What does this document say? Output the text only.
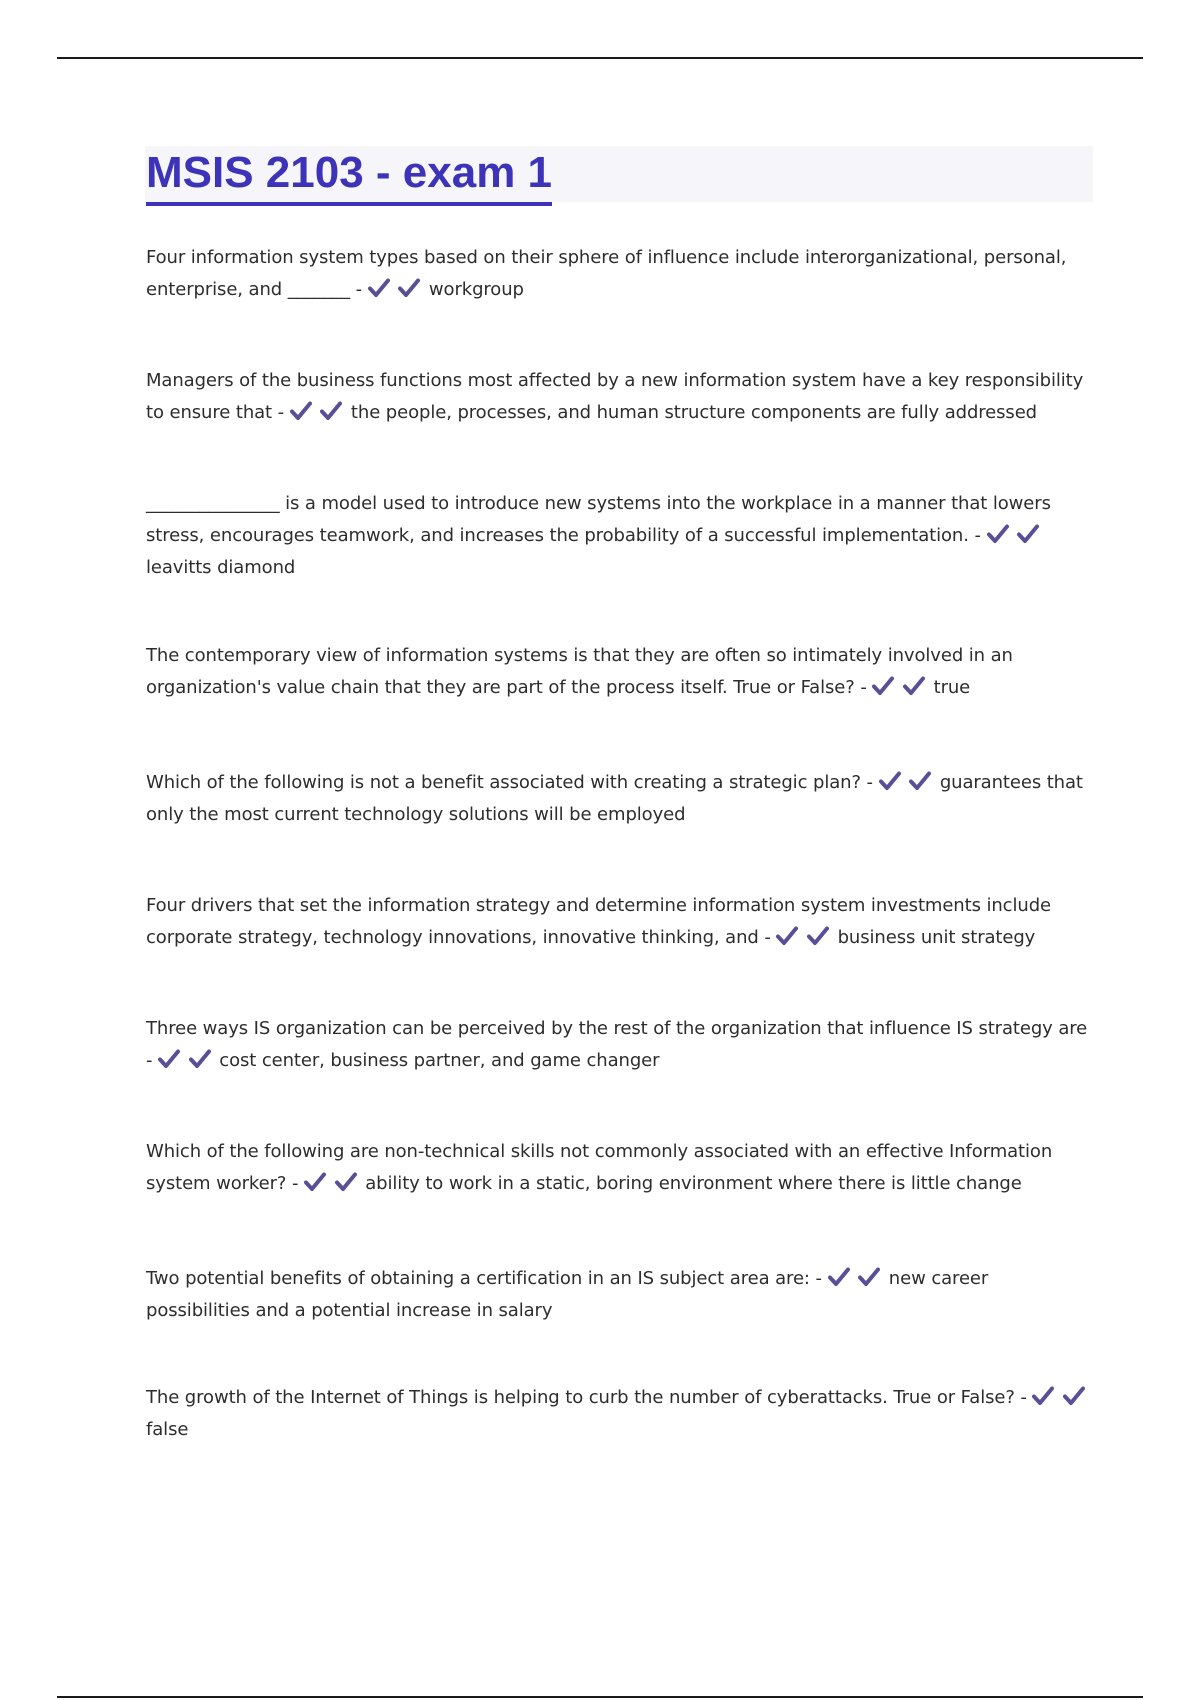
MSIS 2103 - exam 1

Four information system types based on their sphere of influence include interorganizational, personal, enterprise, and _______ -
	workgroup

Managers of the business functions most affected by a new information system have a key responsibility to ensure that -
	the people, processes, and human structure components are fully addressed

_______________ is a model used to introduce new systems into the workplace in a manner that lowers stress, encourages teamwork, and increases the probability of a successful implementation. -

leavitts diamond

The contemporary view of information systems is that they are often so intimately involved in an organization's value chain that they are part of the process itself. True or False? -
	true

Which of the following is not a benefit associated with creating a strategic plan? -
	guarantees that only the most current technology solutions will be employed

Four drivers that set the information strategy and determine information system investments include corporate strategy, technology innovations, innovative thinking, and -
	business unit strategy

Three ways IS organization can be perceived by the rest of the organization that influence IS strategy are -
	cost center, business partner, and game changer

Which of the following are non-technical skills not commonly associated with an effective Information system worker? -
	ability to work in a static, boring environment where there is little change

Two potential benefits of obtaining a certification in an IS subject area are: -
	new career possibilities and a potential increase in salary

The growth of the Internet of Things is helping to curb the number of cyberattacks. True or False? -

false
